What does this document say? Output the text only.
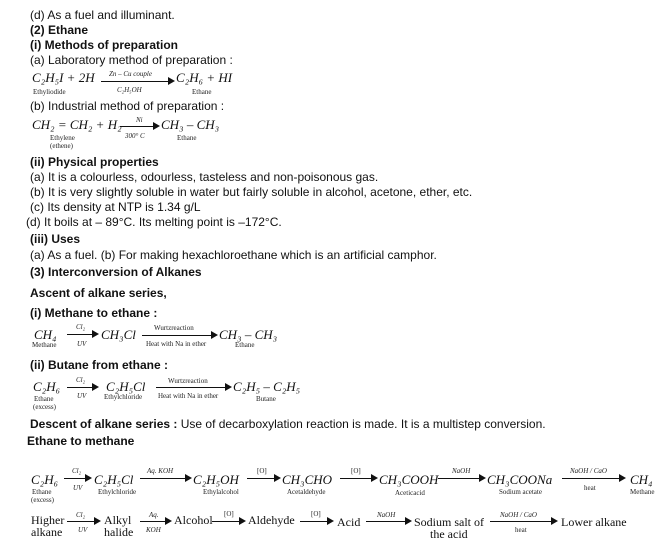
(d) As a fuel and illuminant.
(2) Ethane
(i) Methods of preparation
(a) Laboratory method of preparation :
C₂H₅I + 2H Zn – Cu couple
C₂H₅OH
C₂H₆ + HI
Ethyliodide	Ethane
(b) Industrial method of preparation :
CH₂ = CH₂ + H₂ Ni
300° C
CH₃ – CH₃
Ethylene
(ethene)
Ethane
(ii) Physical properties
(a) It is a colourless, odourless, tasteless and non-poisonous gas.
(b) It is very slightly soluble in water but fairly soluble in alcohol, acetone, ether, etc.
(c) Its density at NTP is 1.34 g/L
(d) It boils at – 89°C. Its melting point is –172°C.
(iii) Uses
(a) As a fuel. (b) For making hexachloroethane which is an artificial camphor.
(3) Interconversion of Alkanes
Ascent of alkane series,
(i) Methane to ethane :
CH₄	Cl₂
UV
CH₃Cl	Wurtzreaction
Heat with Na in ether
CH₃ – CH₃
Methane	Ethane
(ii) Butane from ethane :
C₂H₆ Cl₂
UV
C₂H₅Cl	Wurtzreaction
Heat with Na in ether
C₂H₅ – C₂H₅
Ethane
(excess)
Ethylchloride	Butane
Descent of alkane series : Use of decarboxylation reaction is made. It is a multistep conversion.
Ethane to methane
C₂H₆
Cl₂
UV
C₂H₅Cl
Aq. KOH
C₂H₅OH
[O]
CH₃CHO
[O]
CH₃COOH
NaOH
CH₃COONa
NaOH / CaO
heat
CH₄
Ethane
(excess)
Ethylchloride	Ethylalcohol	Acetaldehyde	Aceticacid	Sodium acetate	Methane
Higher
alkane
Cl₂
UV
Alkyl
halide
Aq.
KOH
Alcohol [O] Aldehyde [O]
Acid NaOH Sodium salt of
the acid
NaOH / CaO
heat
Lower alkane
